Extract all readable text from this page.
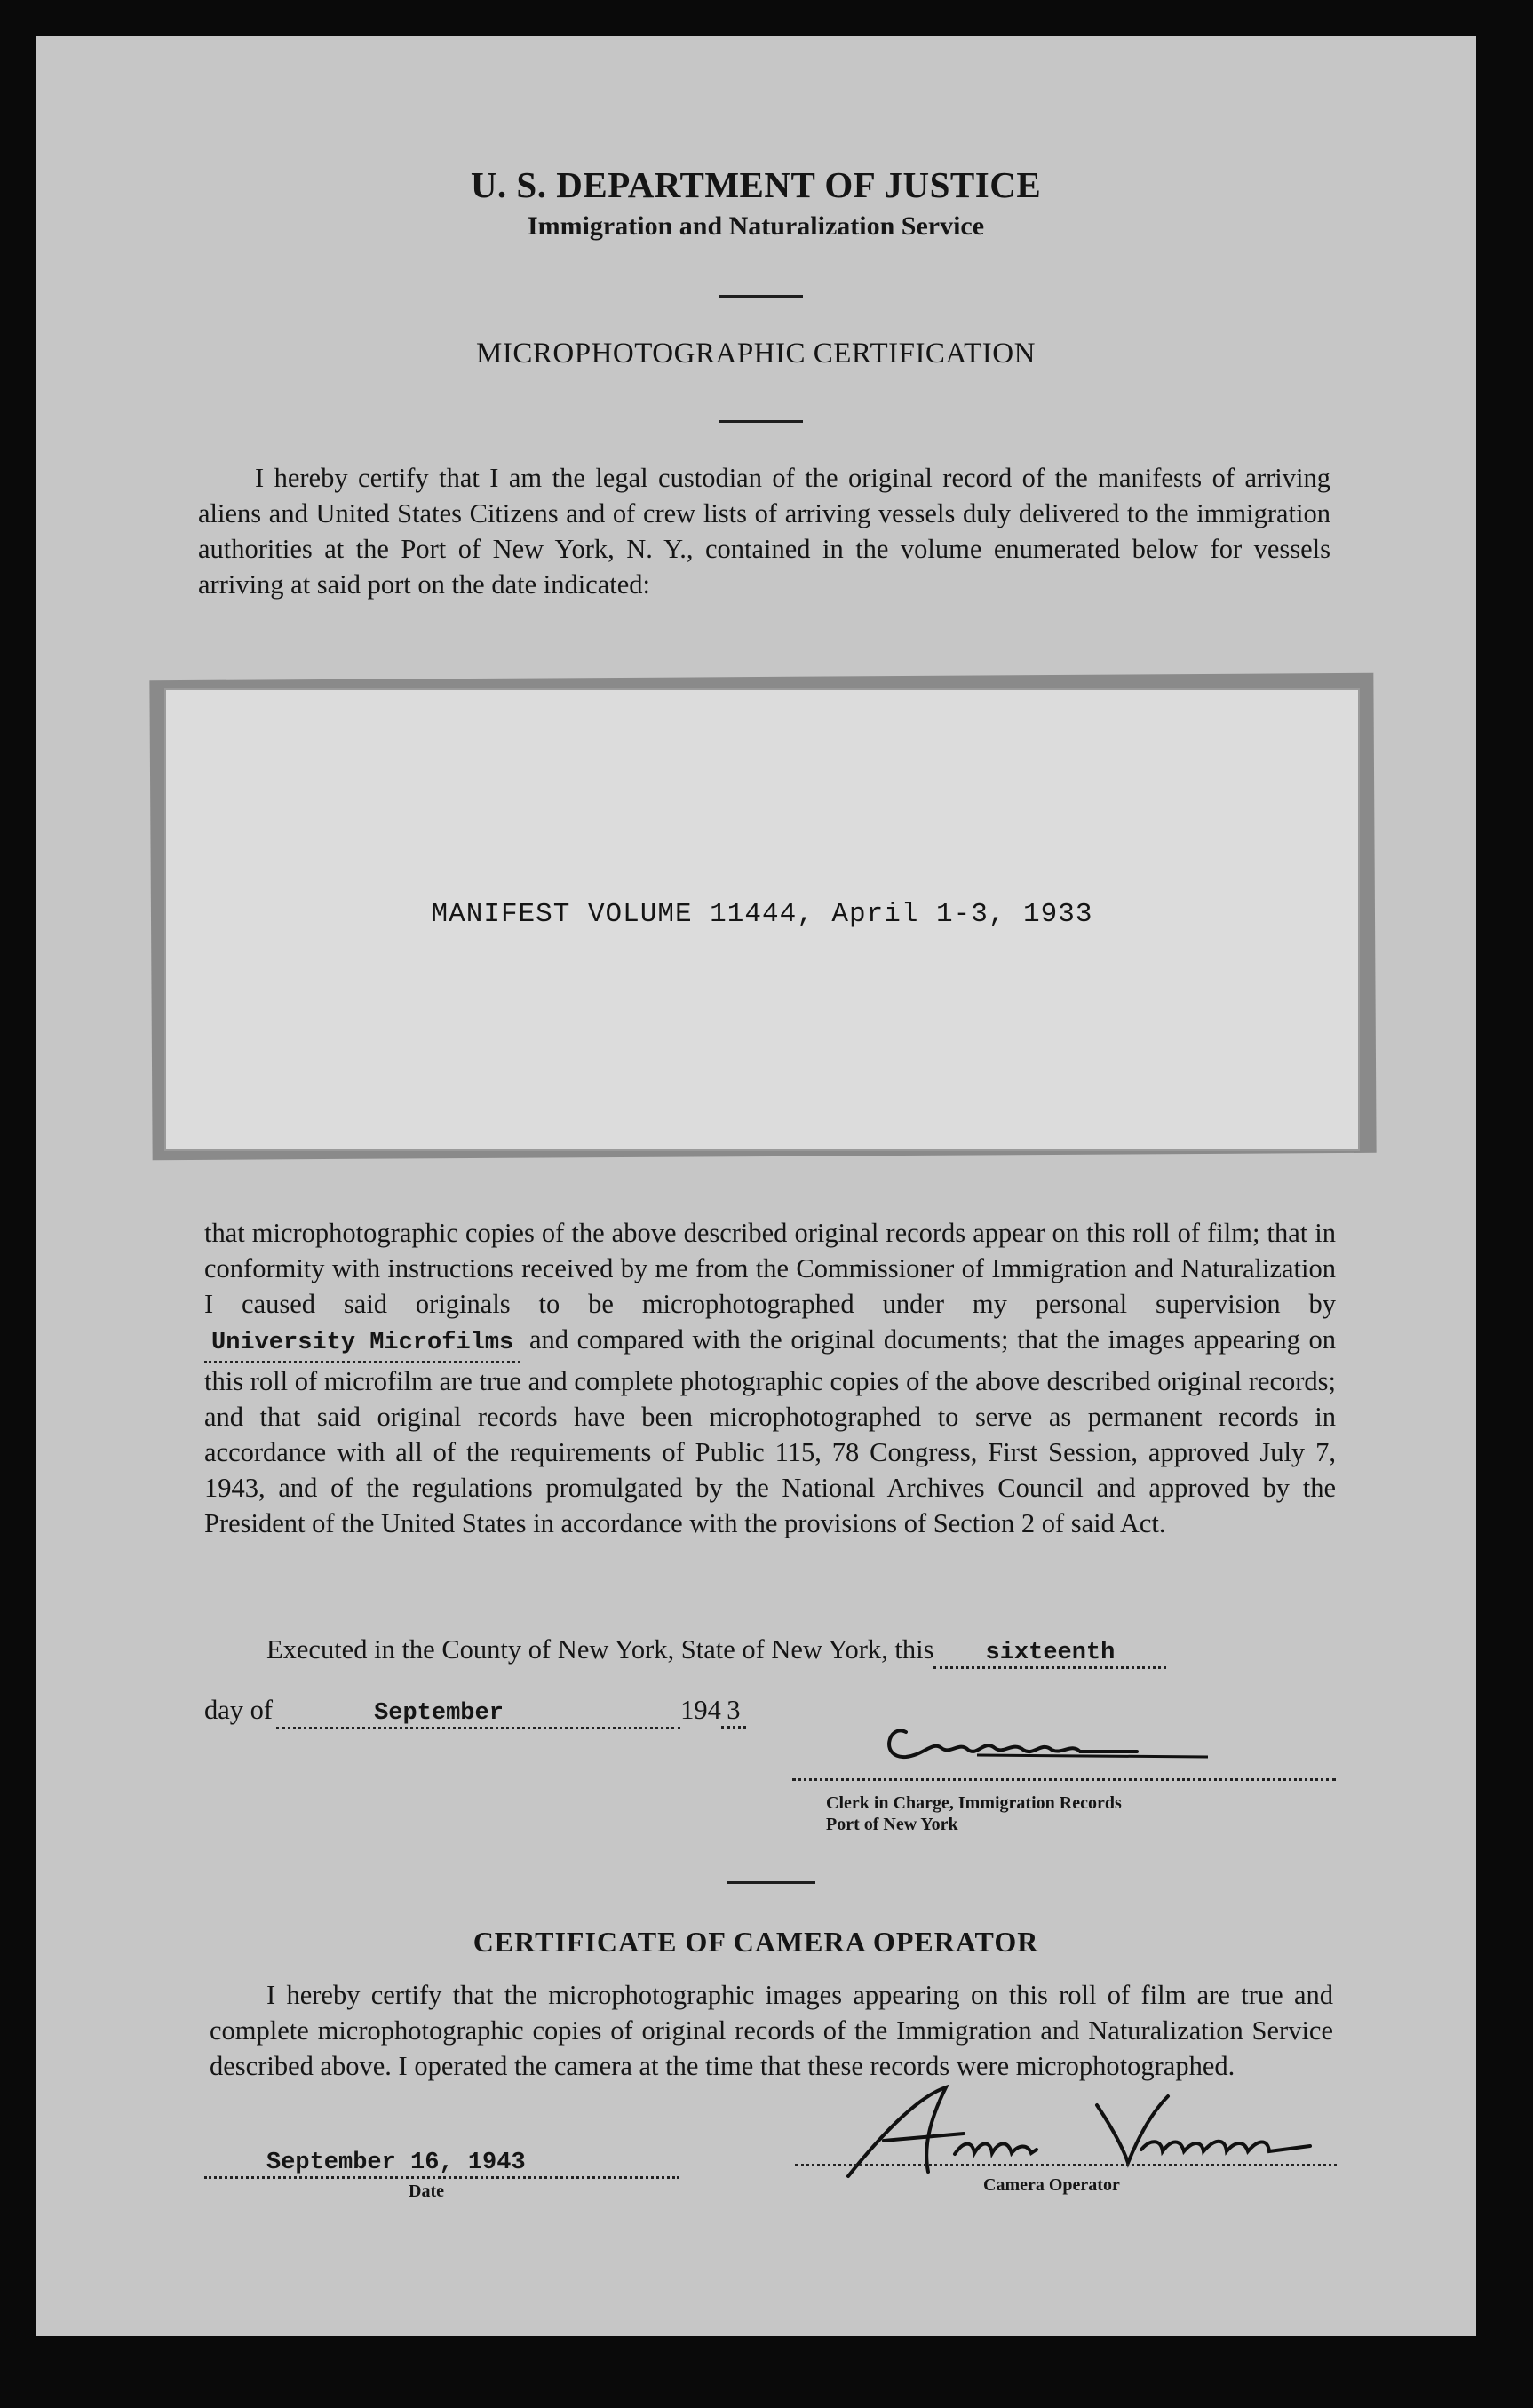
U. S. DEPARTMENT OF JUSTICE
Immigration and Naturalization Service
MICROPHOTOGRAPHIC CERTIFICATION
I hereby certify that I am the legal custodian of the original record of the manifests of arriving aliens and United States Citizens and of crew lists of arriving vessels duly delivered to the immigration authorities at the Port of New York, N. Y., contained in the volume enumerated below for vessels arriving at said port on the date indicated:
MANIFEST VOLUME 11444, April 1-3, 1933
that microphotographic copies of the above described original records appear on this roll of film; that in conformity with instructions received by me from the Commissioner of Immigration and Naturalization I caused said originals to be microphotographed under my personal supervision by University Microfilms and compared with the original documents; that the images appearing on this roll of microfilm are true and complete photographic copies of the above described original records; and that said original records have been microphotographed to serve as permanent records in accordance with all of the requirements of Public 115, 78 Congress, First Session, approved July 7, 1943, and of the regulations promulgated by the National Archives Council and approved by the President of the United States in accordance with the provisions of Section 2 of said Act.
Executed in the County of New York, State of New York, this sixteenth
day of	September	194 3
Clerk in Charge, Immigration Records
Port of New York
CERTIFICATE OF CAMERA OPERATOR
I hereby certify that the microphotographic images appearing on this roll of film are true and complete microphotographic copies of original records of the Immigration and Naturalization Service described above. I operated the camera at the time that these records were microphotographed.
September 16, 1943
Date	Camera Operator
